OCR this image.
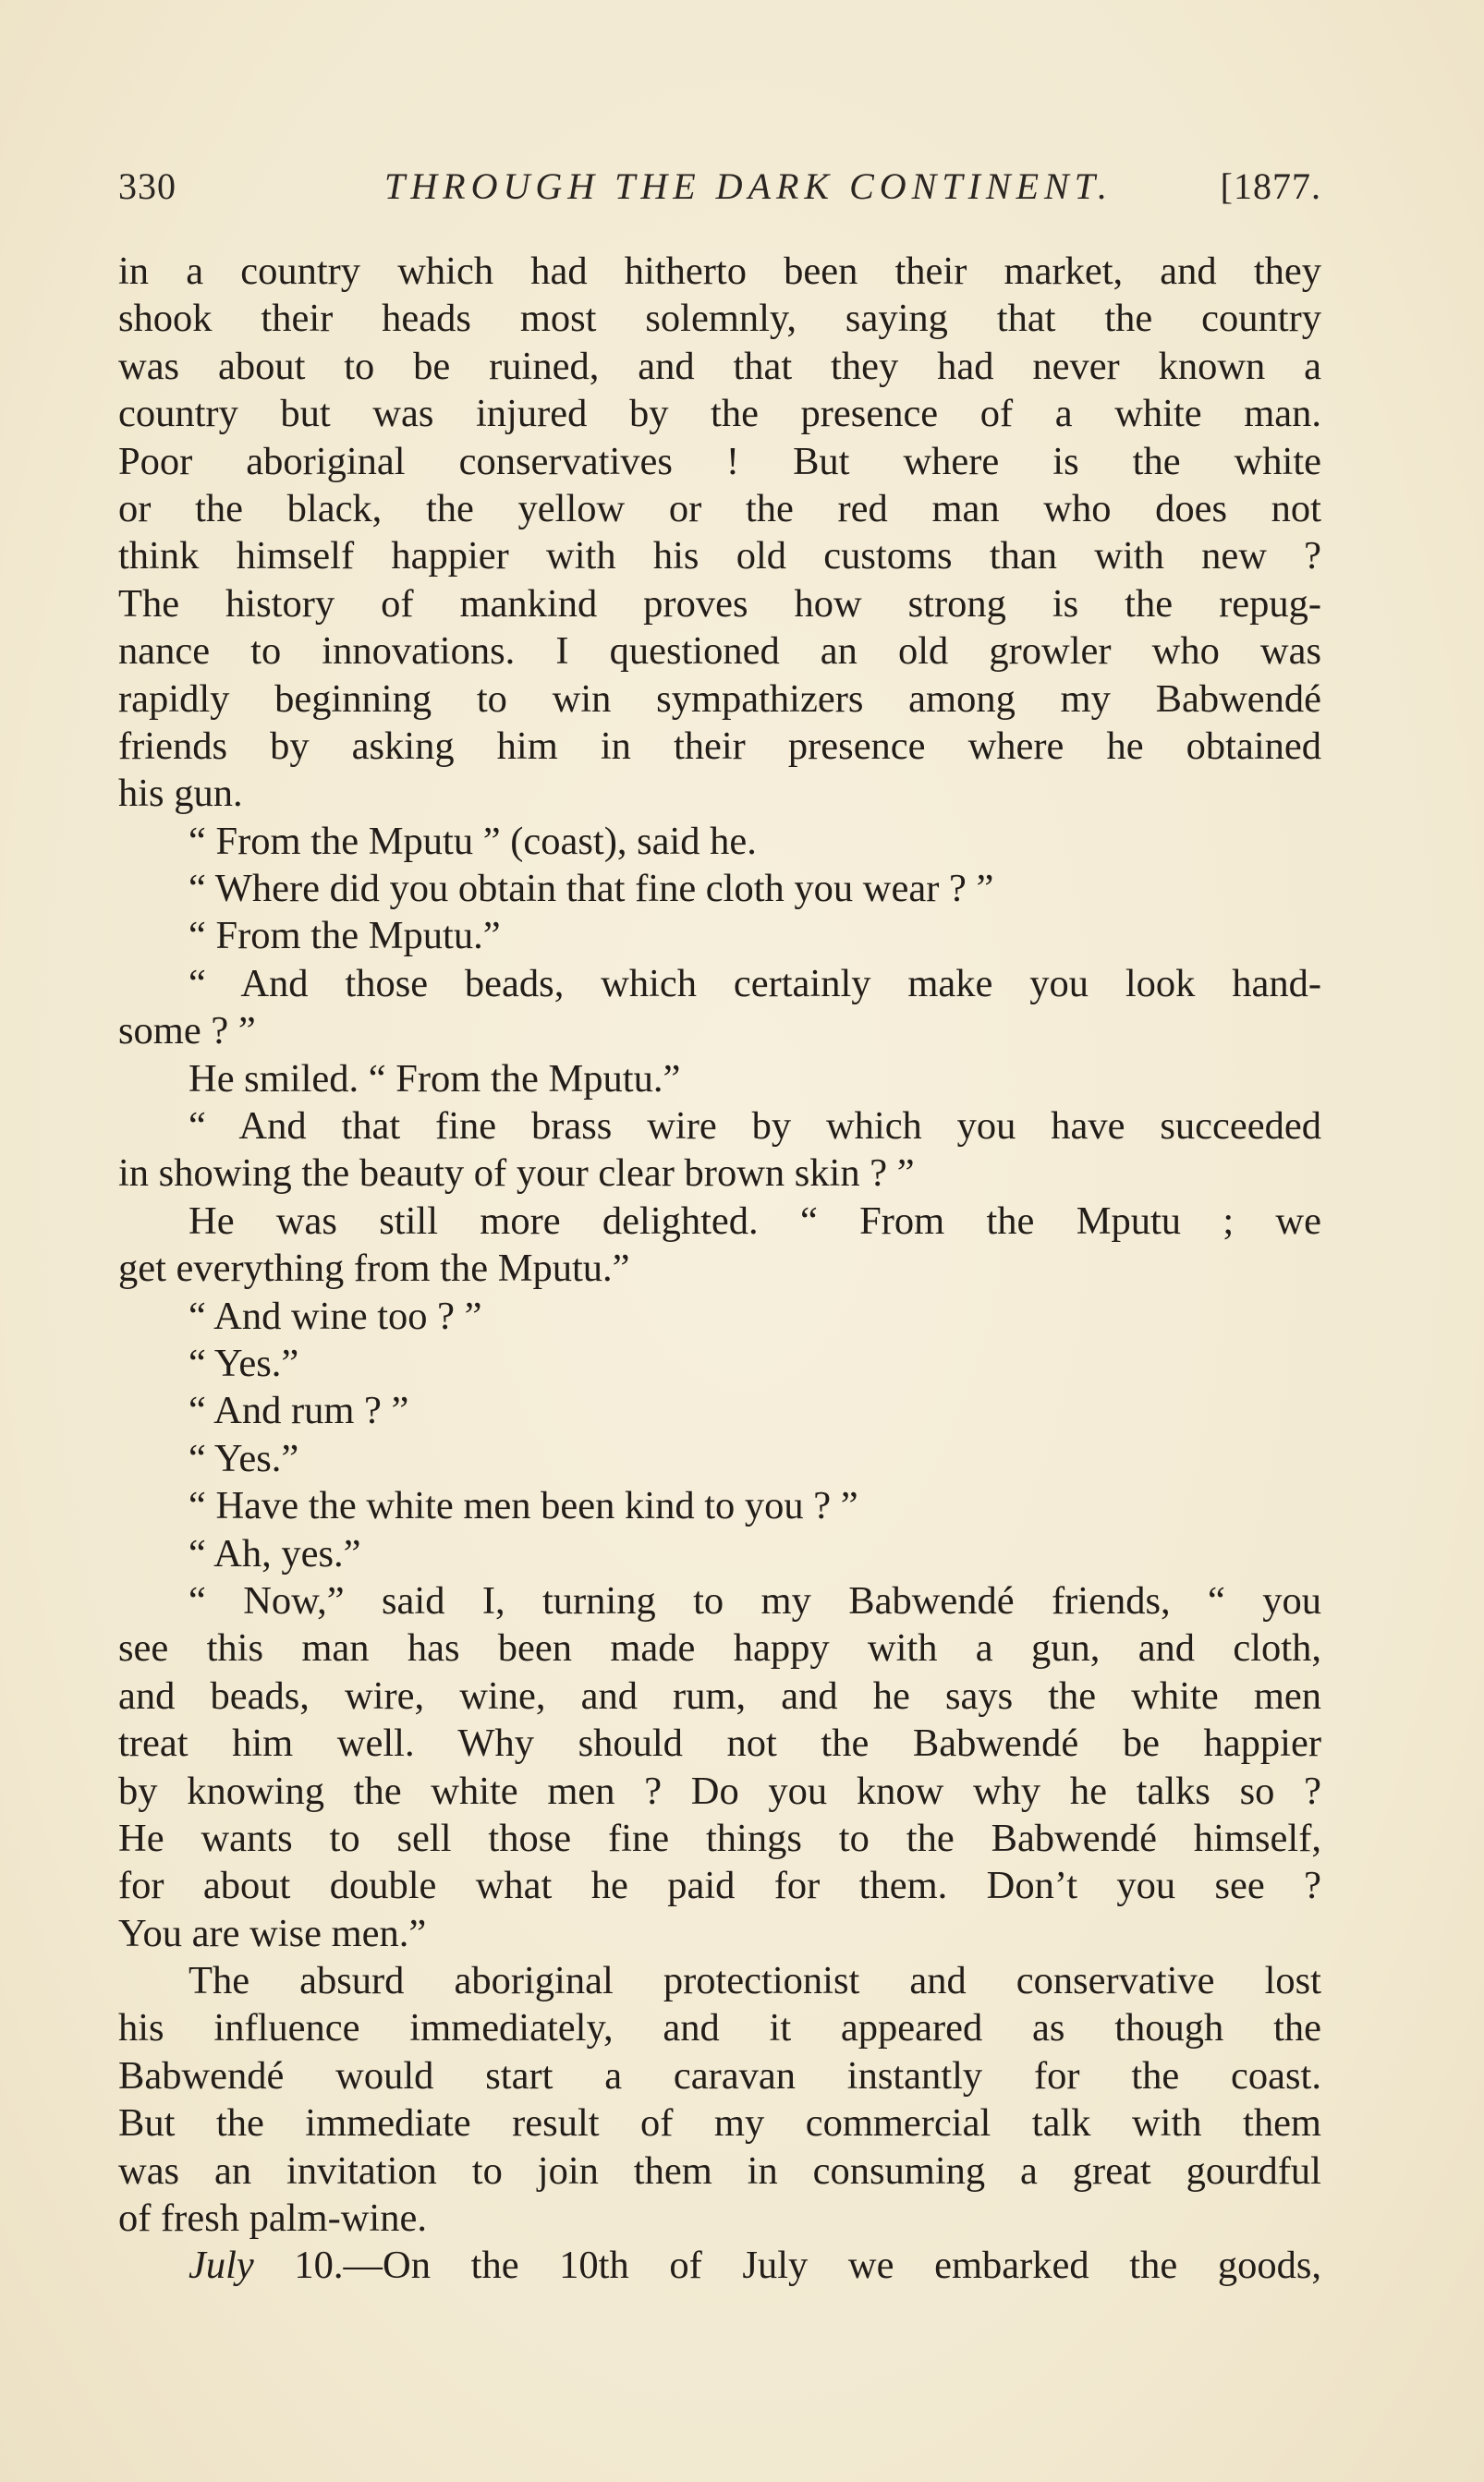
330	THROUGH THE DARK CONTINENT.	[1877.
in a country which had hitherto been their market, and they
shook their heads most solemnly, saying that the country
was about to be ruined, and that they had never known a
country but was injured by the presence of a white man.
Poor aboriginal conservatives ! But where is the white
or the black, the yellow or the red man who does not
think himself happier with his old customs than with new ?
The history of mankind proves how strong is the repug-
nance to innovations. I questioned an old growler who was
rapidly beginning to win sympathizers among my Babwendé
friends by asking him in their presence where he obtained
his gun.
“ From the Mputu ” (coast), said he.
“ Where did you obtain that fine cloth you wear ? ”
“ From the Mputu.”
“ And those beads, which certainly make you look hand-
some ? ”
He smiled. “ From the Mputu.”
“ And that fine brass wire by which you have succeeded
in showing the beauty of your clear brown skin ? ”
He was still more delighted. “ From the Mputu ; we
get everything from the Mputu.”
“ And wine too ? ”
“ Yes.”
“ And rum ? ”
“ Yes.”
“ Have the white men been kind to you ? ”
“ Ah, yes.”
“ Now,” said I, turning to my Babwendé friends, “ you
see this man has been made happy with a gun, and cloth,
and beads, wire, wine, and rum, and he says the white men
treat him well. Why should not the Babwendé be happier
by knowing the white men ? Do you know why he talks so ?
He wants to sell those fine things to the Babwendé himself,
for about double what he paid for them. Don’t you see ?
You are wise men.”
The absurd aboriginal protectionist and conservative lost
his influence immediately, and it appeared as though the
Babwendé would start a caravan instantly for the coast.
But the immediate result of my commercial talk with them
was an invitation to join them in consuming a great gourdful
of fresh palm-wine.
July 10.—On the 10th of July we embarked the goods,
